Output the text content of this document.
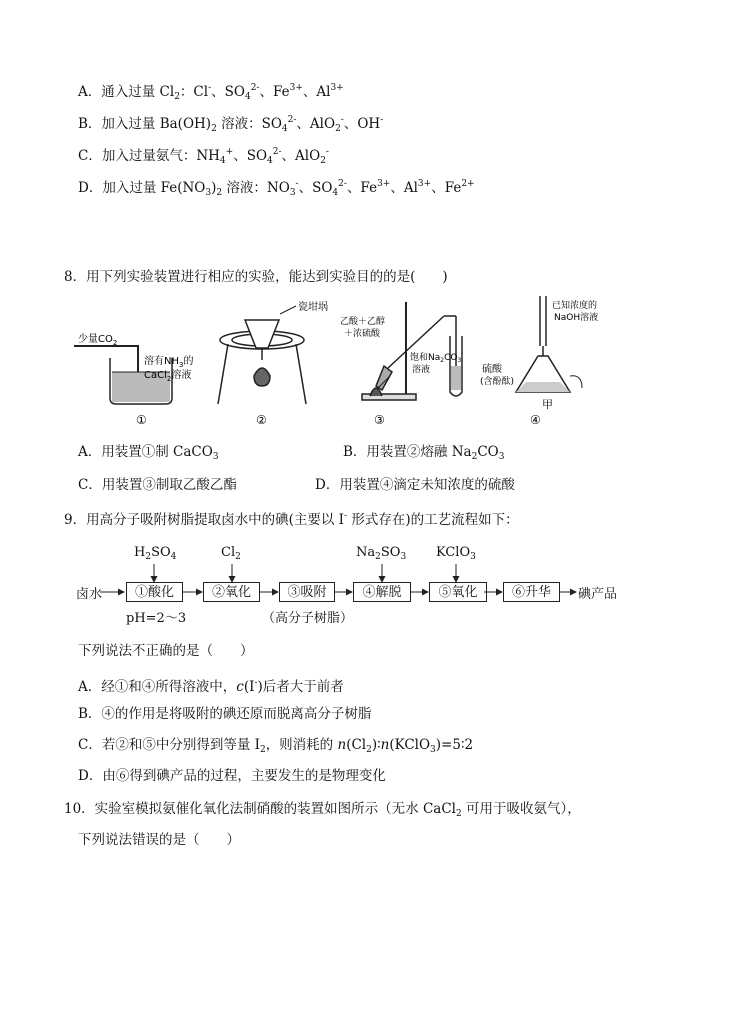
A．通入过量 $Cl_2$：Cl-、$SO_4^{2-}$、$Fe^{3+}$、$Al^{3+}$
B．加入过量 $Ba(OH)_2$ 溶液：$SO_4^{2-}$、AlO$_2$-、OH-
C．加入过量氨气：$NH_4^+$、$SO_4^{2-}$、AlO$_2$-
D．加入过量 $Fe(NO_3)_2$ 溶液：$NO_3^-$、$SO_4^{2-}$、$Fe^{3+}$、$Al^{3+}$、$Fe^{2+}$
8．用下列实验装置进行相应的实验，能达到实验目的的是(　　)
少量$CO_2$
溶有$NH_3$的
CaCl$_2$溶液
①
瓷坩埚
②
乙酸＋乙醇
＋浓硫酸
饱和$Na_2CO_3$
溶液
③
已知浓度的
NaOH溶液
硫酸
(含酚酞)
甲
④
A．用装置①制 CaCO$_3$	B．用装置②熔融 $Na_2CO_3$
C．用装置③制取乙酸乙酯	D．用装置④滴定未知浓度的硫酸
9．用高分子吸附树脂提取卤水中的碘(主要以 I- 形式存在)的工艺流程如下：
$H_2SO_4$	$Cl_2$	$Na_2SO_3$ KClO$_3$
卤水	①酸化	②氧化	③吸附	④解脱	⑤氧化	⑥升华	碘产品
pH=2～3	（高分子树脂）
下列说法不正确的是（　　）
A．经①和④所得溶液中，c(I-)后者大于前者
B．④的作用是将吸附的碘还原而脱离高分子树脂
C．若②和⑤中分别得到等量 $I_2$，则消耗的 $n(Cl_2)∶n(KClO_3)=5∶2$
D．由⑥得到碘产品的过程，主要发生的是物理变化
10．实验室模拟氨催化氧化法制硝酸的装置如图所示（无水 CaCl$_2$ 可用于吸收氨气），
下列说法错误的是（　　）
